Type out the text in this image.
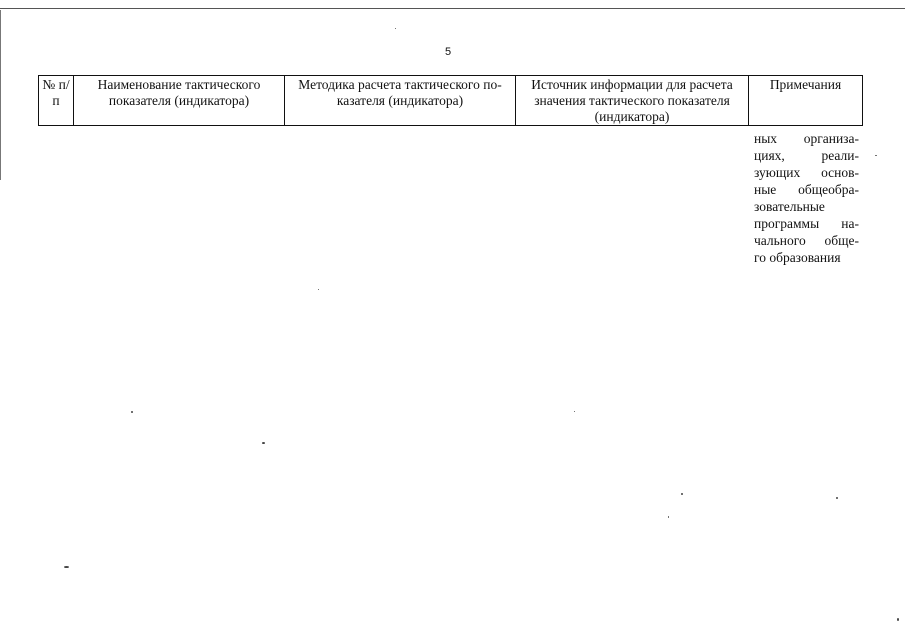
5
№ п/п	Наименование тактического показателя (индикатора)	Методика расчета тактического по-казателя (индикатора)	Источник информации для расчета значения тактического показателя (индикатора)	Примечания
ных организа-
циях, реали-
зующих основ-
ные общеобра-
зовательные
программы на-
чального обще-
го образования
